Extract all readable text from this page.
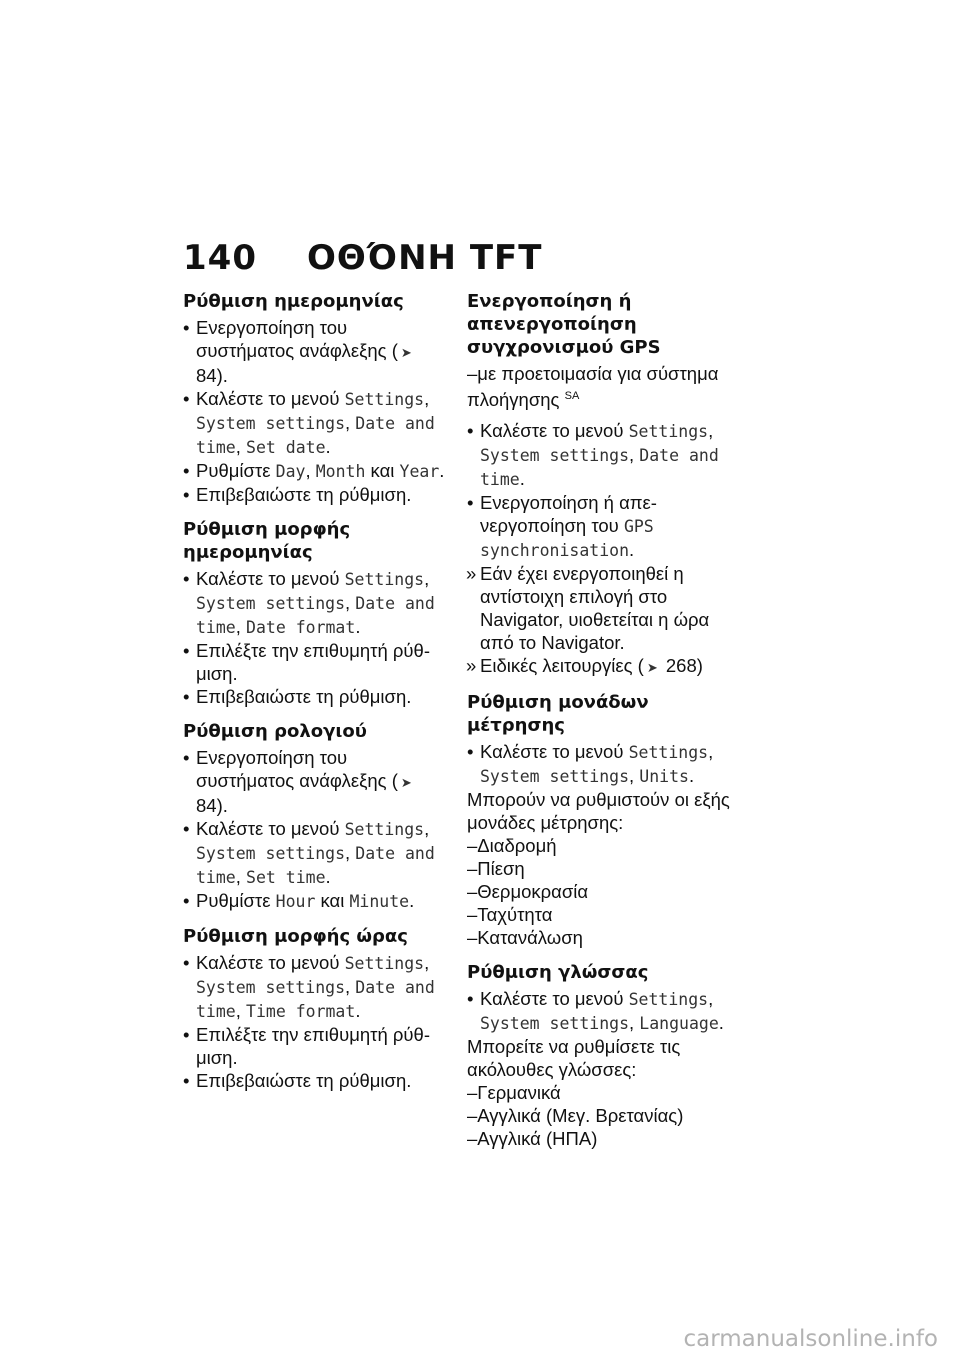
140 ΟΘΌΝΗ TFT
Ρύθμιση ημερομηνίας
• Ενεργοποίηση του συστήματος ανάφλεξης ( ➤ 84).
• Καλέστε το μενού Settings, System settings, Date and time, Set date.
• Ρυθμίστε Day, Month και Year.
• Επιβεβαιώστε τη ρύθμιση.
Ρύθμιση μορφής ημερομηνίας
• Καλέστε το μενού Settings, System settings, Date and time, Date format.
• Επιλέξτε την επιθυμητή ρύθ-μιση.
• Επιβεβαιώστε τη ρύθμιση.
Ρύθμιση ρολογιού
• Ενεργοποίηση του συστήματος ανάφλεξης ( ➤ 84).
• Καλέστε το μενού Settings, System settings, Date and time, Set time.
• Ρυθμίστε Hour και Minute.
Ρύθμιση μορφής ώρας
• Καλέστε το μενού Settings, System settings, Date and time, Time format.
• Επιλέξτε την επιθυμητή ρύθ-μιση.
• Επιβεβαιώστε τη ρύθμιση.
Ενεργοποίηση ή απενεργοποίηση συγχρονισμού GPS
– με προετοιμασία για σύστημα πλοήγησης $^{SA}$
• Καλέστε το μενού Settings, System settings, Date and time.
• Ενεργοποίηση ή απε-νεργοποίηση του GPS synchronisation.
» Εάν έχει ενεργοποιηθεί η αντίστοιχη επιλογή στο Navigator, υιοθετείται η ώρα από το Navigator.
» Ειδικές λειτουργίες ( ➤ 268)
Ρύθμιση μονάδων μέτρησης
• Καλέστε το μενού Settings, System settings, Units.
Μπορούν να ρυθμιστούν οι εξής μονάδες μέτρησης:
– Διαδρομή
– Πίεση
– Θερμοκρασία
– Ταχύτητα
– Κατανάλωση
Ρύθμιση γλώσσας
• Καλέστε το μενού Settings, System settings, Language.
Μπορείτε να ρυθμίσετε τις ακόλουθες γλώσσες:
– Γερμανικά
– Αγγλικά (Μεγ. Βρετανίας)
– Αγγλικά (ΗΠΑ)
carmanualsonline.info
